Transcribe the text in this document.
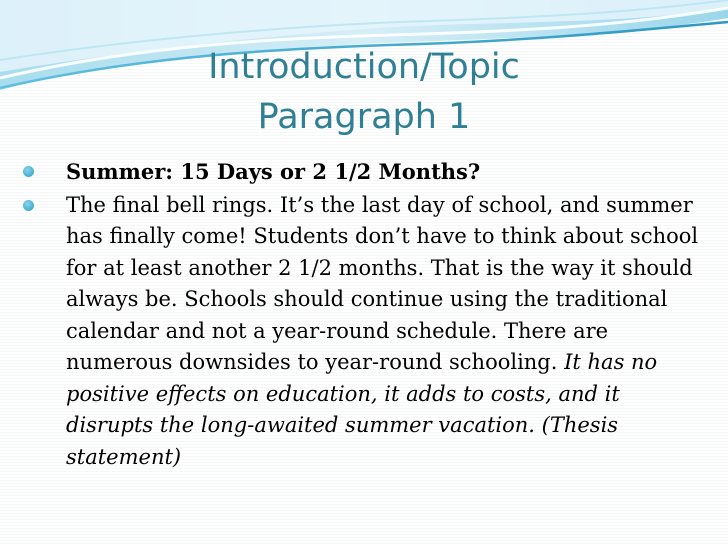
Introduction/Topic
Paragraph 1
Summer: 15 Days or 2 1/2 Months?
The final bell rings. It’s the last day of school, and summer has finally come! Students don’t have to think about school for at least another 2 1/2 months. That is the way it should always be. Schools should continue using the traditional calendar and not a year-round schedule. There are numerous downsides to year-round schooling. It has no positive effects on education, it adds to costs, and it disrupts the long-awaited summer vacation. (Thesis statement)
